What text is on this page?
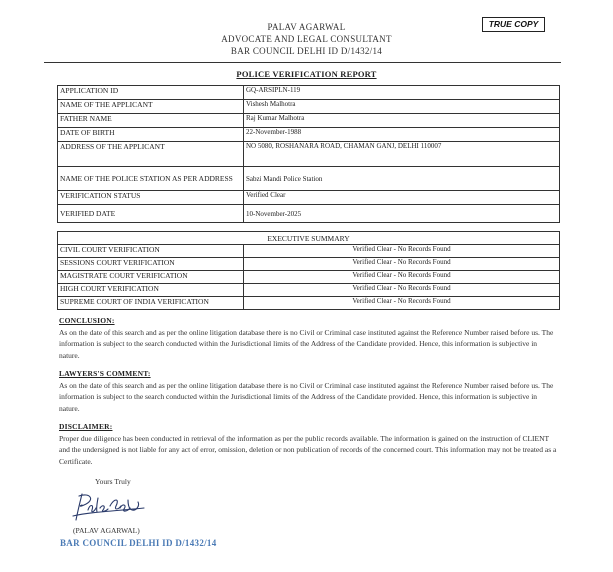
PALAV AGARWAL
ADVOCATE AND LEGAL CONSULTANT
BAR COUNCIL DELHI ID D/1432/14
TRUE COPY
POLICE VERIFICATION REPORT
APPLICATION ID	GQ-ARSIPLN-119
NAME OF THE APPLICANT	Vishesh Malhotra
FATHER NAME	Raj Kumar Malhotra
DATE OF BIRTH	22-November-1988
ADDRESS OF THE APPLICANT	NO 5080, ROSHANARA ROAD, CHAMAN GANJ, DELHI 110007
NAME OF THE POLICE STATION AS PER ADDRESS	Sabzi Mandi Police Station
VERIFICATION STATUS	Verified Clear
VERIFIED DATE	10-November-2025
EXECUTIVE SUMMARY	
CIVIL COURT VERIFICATION	Verified Clear - No Records Found
SESSIONS COURT VERIFICATION	Verified Clear - No Records Found
MAGISTRATE COURT VERIFICATION	Verified Clear - No Records Found
HIGH COURT VERIFICATION	Verified Clear - No Records Found
SUPREME COURT OF INDIA VERIFICATION	Verified Clear - No Records Found
CONCLUSION:
As on the date of this search and as per the online litigation database there is no Civil or Criminal case instituted against the Reference Number raised before us. The information is subject to the search conducted within the Jurisdictional limits of the Address of the Candidate provided. Hence, this information is subjective in nature.
LAWYERS'S COMMENT:
As on the date of this search and as per the online litigation database there is no Civil or Criminal case instituted against the Reference Number raised before us. The information is subject to the search conducted within the Jurisdictional limits of the Address of the Candidate provided. Hence, this information is subjective in nature.
DISCLAIMER:
Proper due diligence has been conducted in retrieval of the information as per the public records available. The information is gained on the instruction of CLIENT and the undersigned is not liable for any act of error, omission, deletion or non publication of records of the concerned court. This information may not be treated as a Certificate.
Yours Truly
(PALAV AGARWAL)
BAR COUNCIL DELHI ID D/1432/14
